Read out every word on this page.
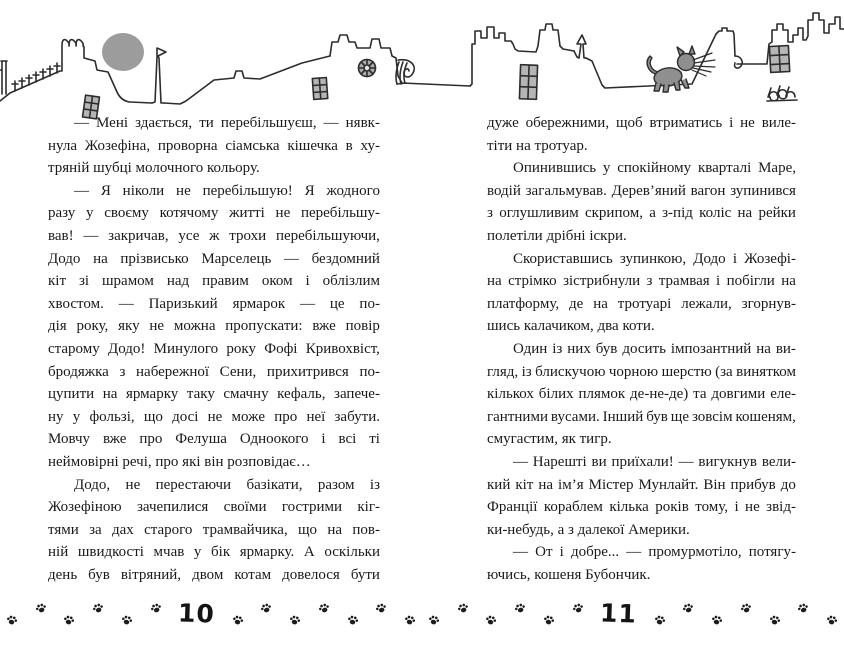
— Мені здається, ти перебільшуєш, — нявк-
нула Жозефіна, проворна сіамська кішечка в ху-
тряній шубці молочного кольору.
— Я ніколи не перебільшую! Я жодного
разу у своєму котячому житті не перебільшу-
вав! — закричав, усе ж трохи перебільшуючи,
Додо на прізвисько Марселець — бездомний
кіт зі шрамом над правим оком і облізлим
хвостом. — Паризький ярмарок — це по-
дія року, яку не можна пропускати: вже повір
старому Додо! Минулого року Фофі Кривохвіст,
бродяжка з набережної Сени, прихитрився по-
цупити на ярмарку таку смачну кефаль, запече-
ну у фользі, що досі не може про неї забути.
Мовчу вже про Фелуша Одноокого і всі ті
неймовірні речі, про які він розповідає…
Додо, не перестаючи базікати, разом із
Жозефіною зачепилися своїми гострими кіг-
тями за дах старого трамвайчика, що на пов-
ній швидкості мчав у бік ярмарку. А оскільки
день був вітряний, двом котам довелося бути
дуже обережними, щоб втриматись і не виле-
тіти на тротуар.
Опинившись у спокійному кварталі Маре,
водій загальмував. Дерев’яний вагон зупинився
з оглушливим скрипом, а з-під коліс на рейки
полетіли дрібні іскри.
Скориставшись зупинкою, Додо і Жозефі-
на стрімко зістрибнули з трамвая і побігли на
платформу, де на тротуарі лежали, згорнув-
шись калачиком, два коти.
Один із них був досить імпозантний на ви-
гляд, із блискучою чорною шерстю (за винятком
кількох білих плямок де-не-де) та довгими еле-
гантними вусами. Інший був ще зовсім кошеням,
смугастим, як тигр.
— Нарешті ви приїхали! — вигукнув вели-
кий кіт на ім’я Містер Мунлайт. Він прибув до
Франції кораблем кілька років тому, і не звід-
ки-небудь, а з далекої Америки.
— От і добре... — промурмотіло, потягу-
ючись, кошеня Бубончик.
10	11
